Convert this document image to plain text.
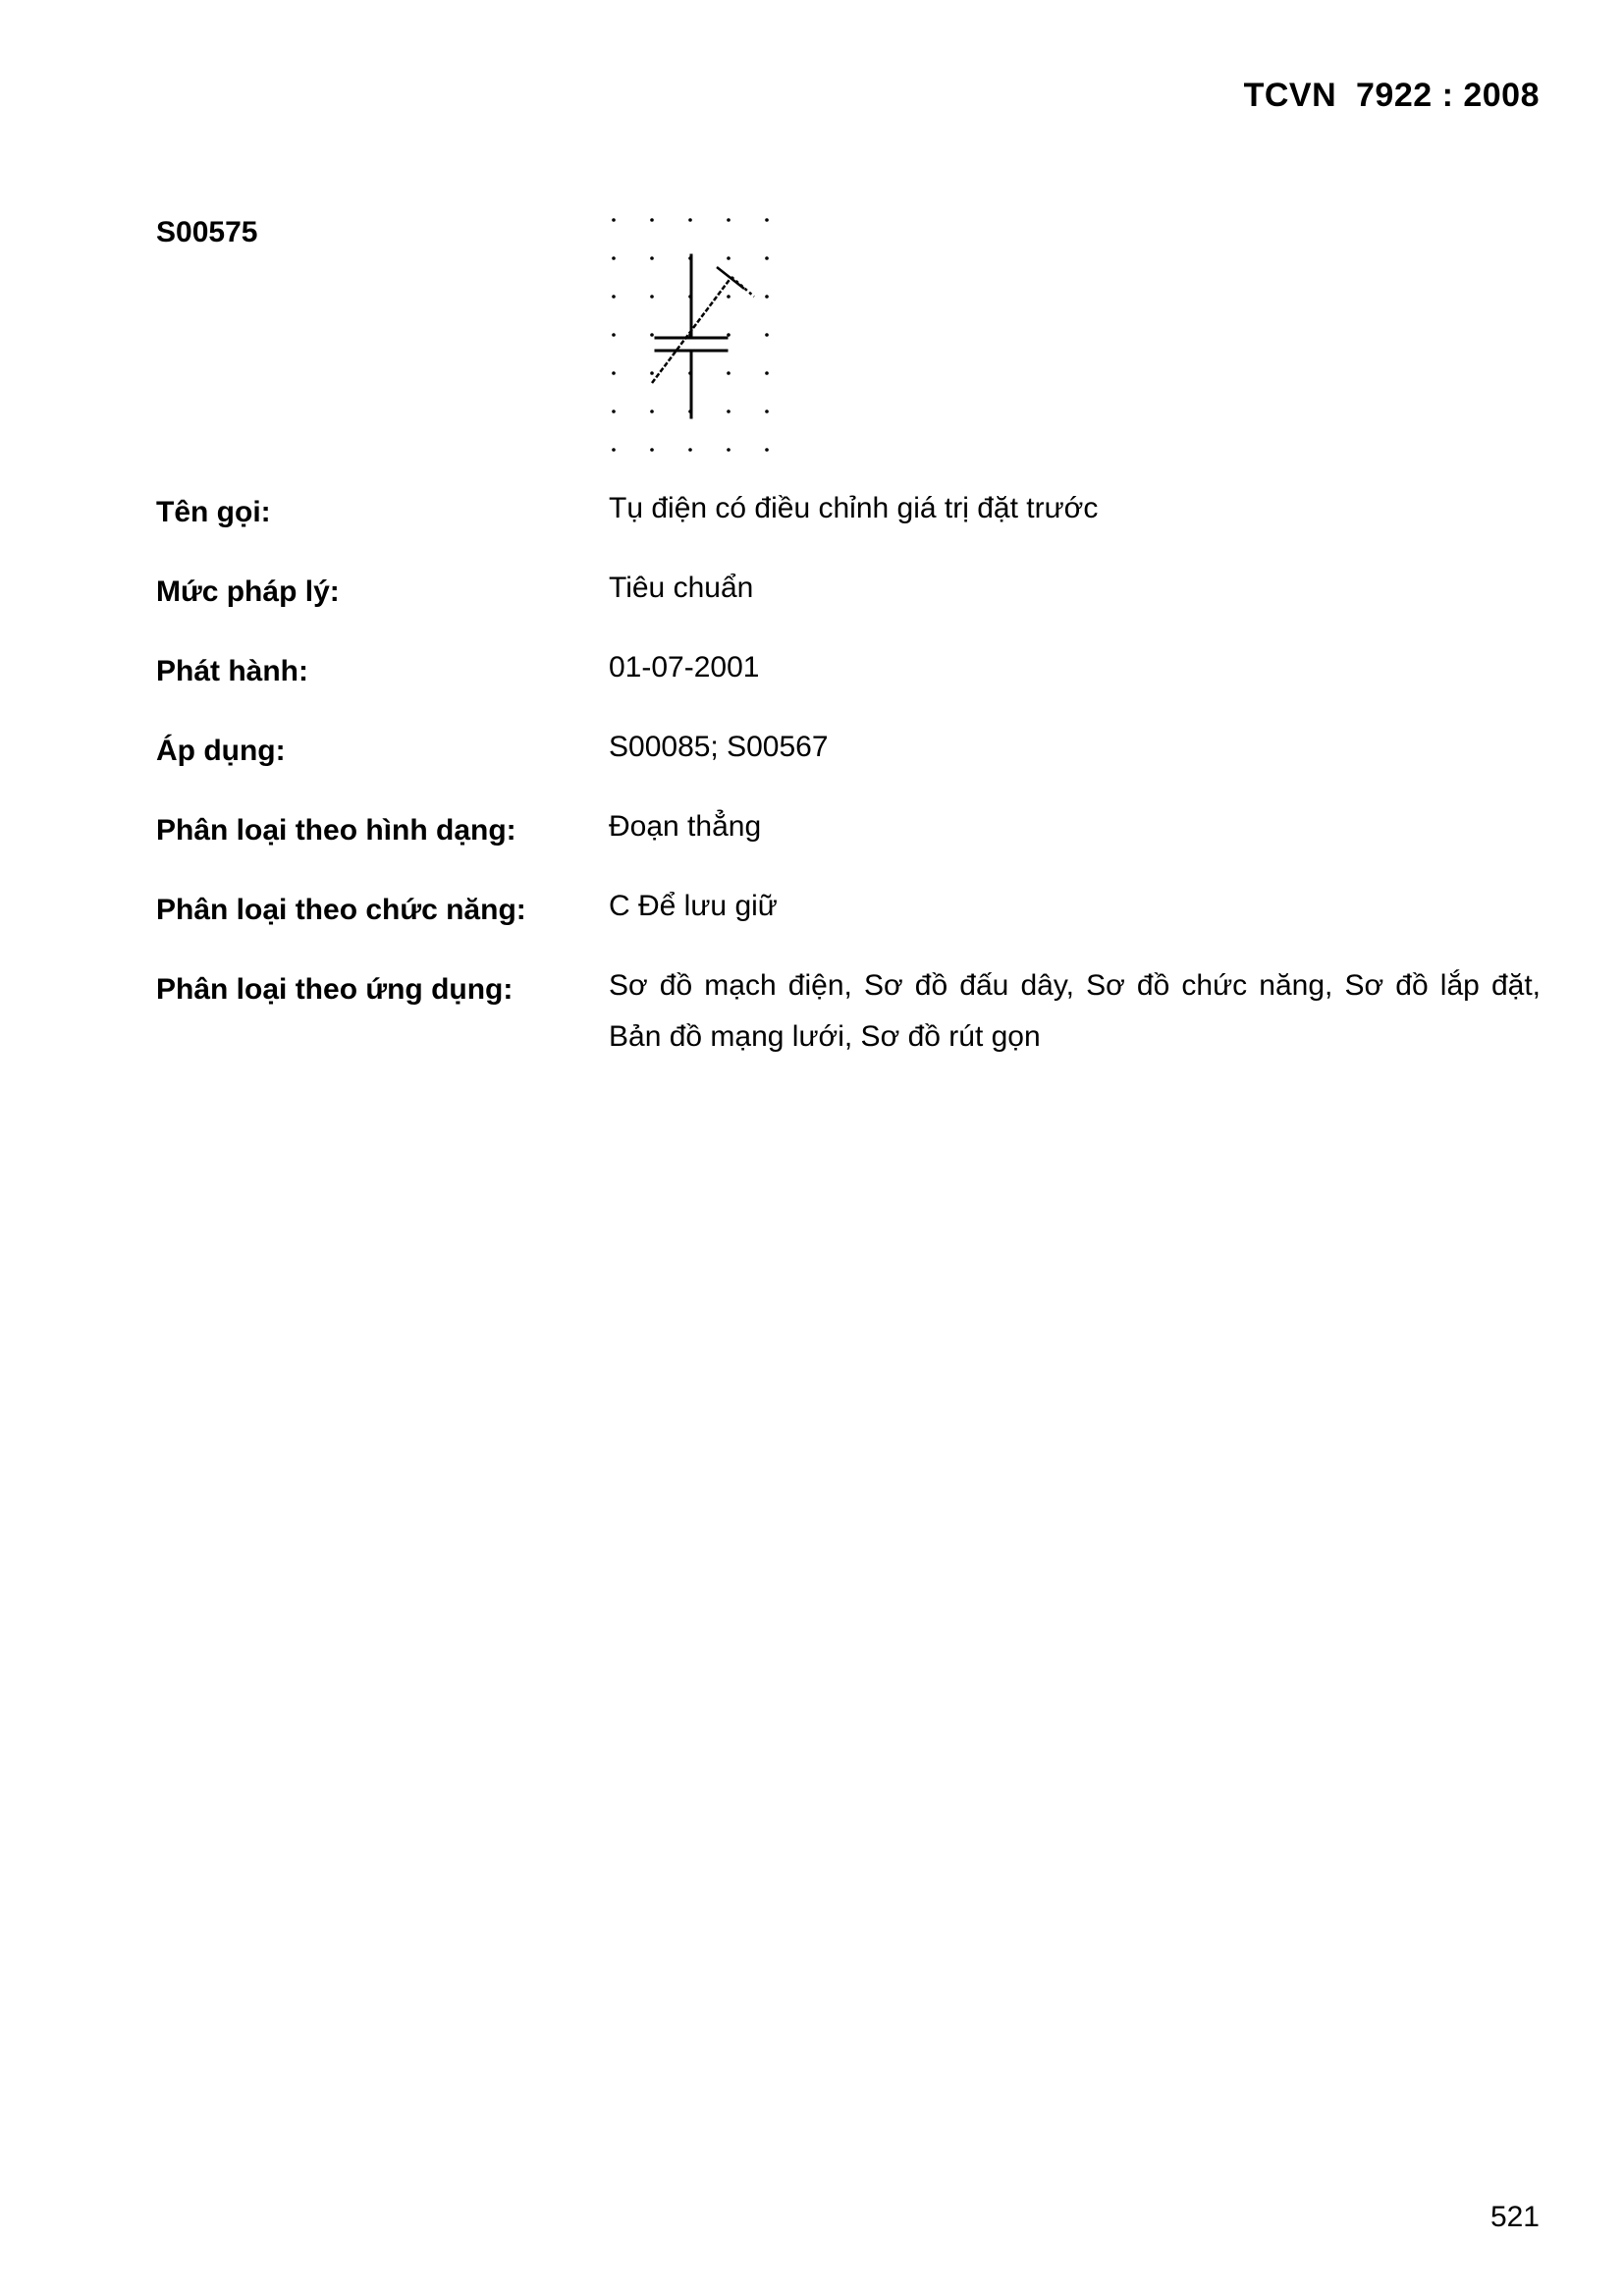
TCVN  7922 : 2008
S00575
Tên gọi:	Tụ điện có điều chỉnh giá trị đặt trước
Mức pháp lý:	Tiêu chuẩn
Phát hành:	01-07-2001
Áp dụng:	S00085; S00567
Phân loại theo hình dạng:	Đoạn thẳng
Phân loại theo chức năng:	C Để lưu giữ
Phân loại theo ứng dụng:	Sơ đồ mạch điện, Sơ đồ đấu dây, Sơ đồ chức năng, Sơ đồ lắp đặt, Bản đồ mạng lưới, Sơ đồ rút gọn
521
